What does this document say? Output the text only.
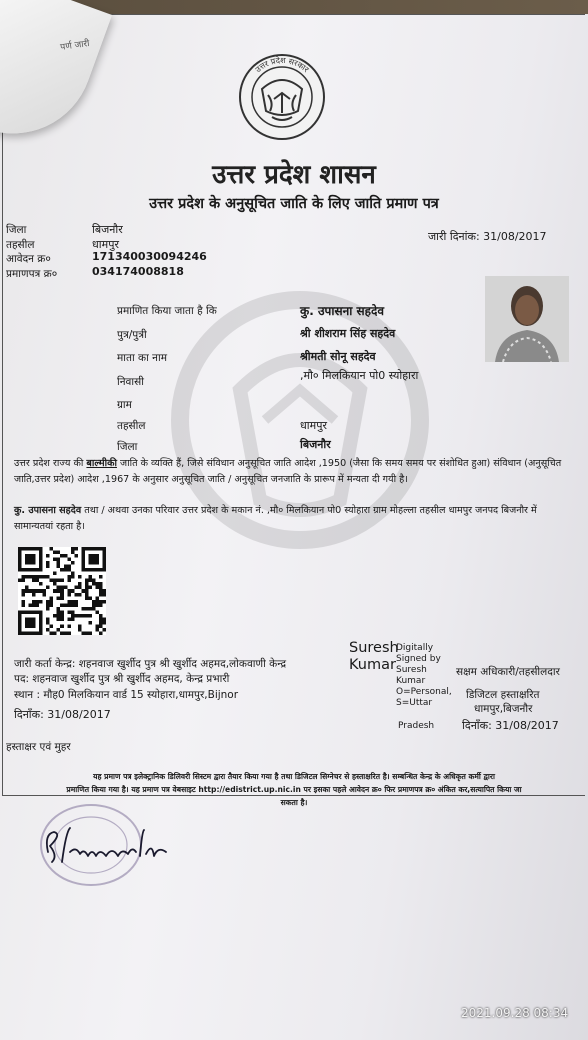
पर्ण जारी
उत्तर प्रदेश सरकार
उत्तर प्रदेश शासन
उत्तर प्रदेश के अनुसूचित जाति के लिए जाति प्रमाण पत्र
जिला	बिजनौर
तहसील	धामपुर
आवेदन क्र०	171340030094246
प्रमाणपत्र क्र०	034174008818
जारी दिनांक: 31/08/2017
प्रमाणित किया जाता है कि	कु. उपासना सहदेव
पुत्र/पुत्री	श्री शीशराम सिंह सहदेव
माता का नाम	श्रीमती सोनू सहदेव
निवासी	,मौ० मिलकियान पो0 स्योहारा
ग्राम
तहसील	धामपुर
जिला	बिजनौर
उत्तर प्रदेश राज्य की बाल्मीकी जाति के व्यक्ति हैं, जिसे संविधान अनुसूचित जाति आदेश ,1950 (जैसा कि समय समय पर संशोधित हुआ) संविधान (अनुसूचित जाति,उत्तर प्रदेश) आदेश ,1967 के अनुसार अनुसूचित जाति / अनुसूचित जनजाति के प्रारूप में मन्यता दी गयी है।
कु. उपासना सहदेव तथा / अथवा उनका परिवार उत्तर प्रदेश के मकान नं. ,मौ० मिलकियान पो0 स्योहारा ग्राम मोहल्ला तहसील धामपुर जनपद बिजनौर में सामान्यतयां रहता है।
जारी कर्ता केन्द्र: शहनवाज खुर्शीद पुत्र श्री खुर्शीद अहमद,लोकवाणी केन्द्र
पद: शहनवाज खुर्शीद पुत्र श्री खुर्शीद अहमद, केन्द्र प्रभारी
स्थान : मौह0 मिलकियान वार्ड 15 स्योहारा,धामपुर,Bijnor
दिनाँक: 31/08/2017
Suresh
Kumar
Digitally
Signed by
Suresh
Kumar
O=Personal,
S=Uttar
Pradesh
सक्षम अधिकारी/तहसीलदार
डिजिटल हस्ताक्षरित
धामपुर,बिजनौर
दिनाँक: 31/08/2017
हस्ताक्षर एवं मुहर
यह प्रमाण पत्र इलेक्ट्रानिक डिलिवरी सिस्टम द्वारा तैयार किया गया है तथा डिजिटल सिग्नेचर से हस्ताक्षरित है। सम्बन्धित केन्द्र के अधिकृत कर्मी द्वारा
प्रमाणित किया गया है। यह प्रमाण पत्र वेबसाइट http://edistrict.up.nic.in पर इसका पहले आवेदन क्र० फिर प्रमाणपत्र क्र० अंकित कर,सत्यापित किया जा
सकता है।
2021.09.28 08:34
